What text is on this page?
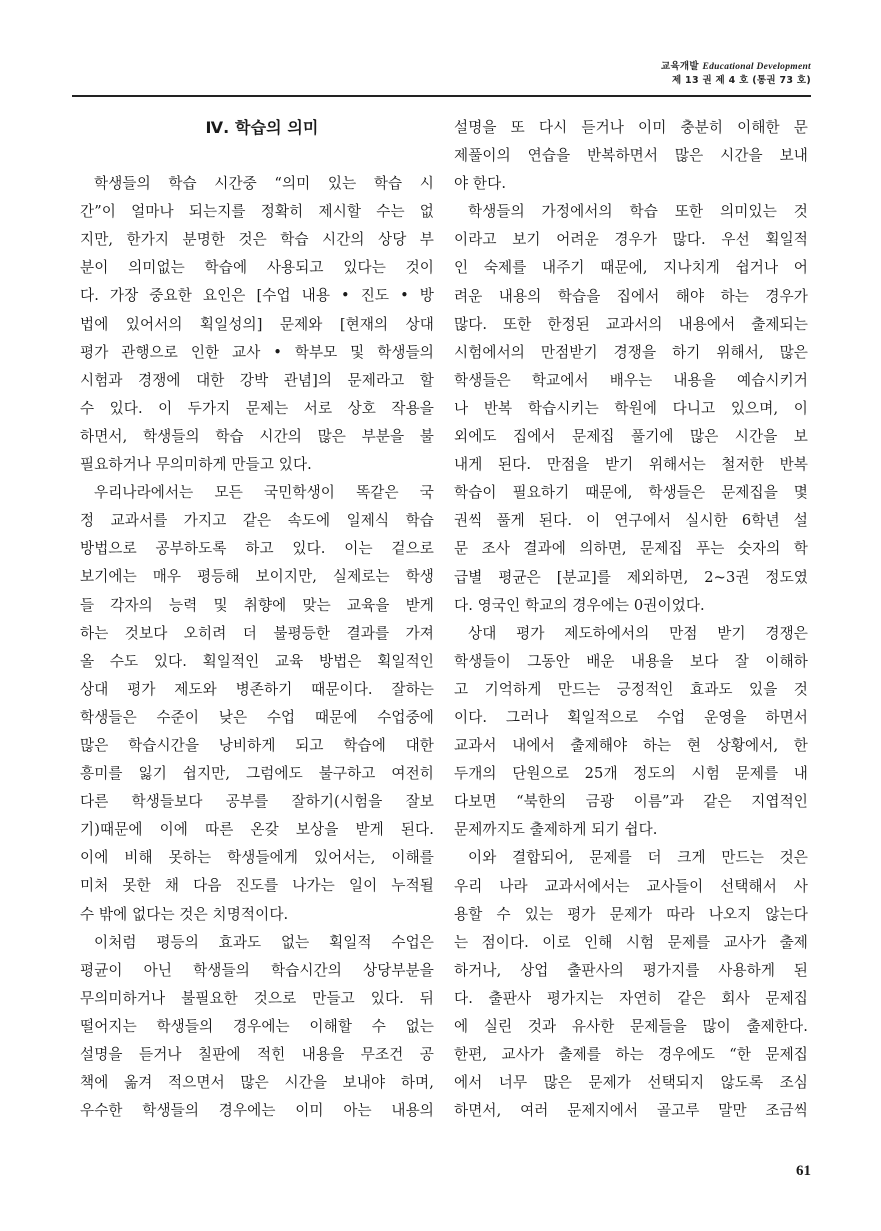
교육개발 Educational Development
제 13 권 제 4 호 (통권 73 호)
Ⅳ. 학습의 의미
학생들의 학습 시간중 “의미 있는 학습 시
간”이 얼마나 되는지를 정확히 제시할 수는 없
지만, 한가지 분명한 것은 학습 시간의 상당 부
분이 의미없는 학습에 사용되고 있다는 것이
다. 가장 중요한 요인은 [수업 내용 • 진도 • 방
법에 있어서의 획일성의] 문제와 [현재의 상대
평가 관행으로 인한 교사 • 학부모 및 학생들의
시험과 경쟁에 대한 강박 관념]의 문제라고 할
수 있다. 이 두가지 문제는 서로 상호 작용을
하면서, 학생들의 학습 시간의 많은 부분을 불
필요하거나 무의미하게 만들고 있다.
우리나라에서는 모든 국민학생이 똑같은 국
정 교과서를 가지고 같은 속도에 일제식 학습
방법으로 공부하도록 하고 있다. 이는 겉으로
보기에는 매우 평등해 보이지만, 실제로는 학생
들 각자의 능력 및 취향에 맞는 교육을 받게
하는 것보다 오히려 더 불평등한 결과를 가져
올 수도 있다. 획일적인 교육 방법은 획일적인
상대 평가 제도와 병존하기 때문이다. 잘하는
학생들은 수준이 낮은 수업 때문에 수업중에
많은 학습시간을 낭비하게 되고 학습에 대한
흥미를 잃기 쉽지만, 그럼에도 불구하고 여전히
다른 학생들보다 공부를 잘하기(시험을 잘보
기)때문에 이에 따른 온갖 보상을 받게 된다.
이에 비해 못하는 학생들에게 있어서는, 이해를
미처 못한 채 다음 진도를 나가는 일이 누적될
수 밖에 없다는 것은 치명적이다.
이처럼 평등의 효과도 없는 획일적 수업은
평균이 아닌 학생들의 학습시간의 상당부분을
무의미하거나 불필요한 것으로 만들고 있다. 뒤
떨어지는 학생들의 경우에는 이해할 수 없는
설명을 듣거나 칠판에 적힌 내용을 무조건 공
책에 옮겨 적으면서 많은 시간을 보내야 하며,
우수한 학생들의 경우에는 이미 아는 내용의
설명을 또 다시 듣거나 이미 충분히 이해한 문
제풀이의 연습을 반복하면서 많은 시간을 보내
야 한다.
학생들의 가정에서의 학습 또한 의미있는 것
이라고 보기 어려운 경우가 많다. 우선 획일적
인 숙제를 내주기 때문에, 지나치게 쉽거나 어
려운 내용의 학습을 집에서 해야 하는 경우가
많다. 또한 한정된 교과서의 내용에서 출제되는
시험에서의 만점받기 경쟁을 하기 위해서, 많은
학생들은 학교에서 배우는 내용을 예습시키거
나 반복 학습시키는 학원에 다니고 있으며, 이
외에도 집에서 문제집 풀기에 많은 시간을 보
내게 된다. 만점을 받기 위해서는 철저한 반복
학습이 필요하기 때문에, 학생들은 문제집을 몇
권씩 풀게 된다. 이 연구에서 실시한 6학년 설
문 조사 결과에 의하면, 문제집 푸는 숫자의 학
급별 평균은 [분교]를 제외하면, 2~3권 정도였
다. 영국인 학교의 경우에는 0권이었다.
상대 평가 제도하에서의 만점 받기 경쟁은
학생들이 그동안 배운 내용을 보다 잘 이해하
고 기억하게 만드는 긍정적인 효과도 있을 것
이다. 그러나 획일적으로 수업 운영을 하면서
교과서 내에서 출제해야 하는 현 상황에서, 한
두개의 단원으로 25개 정도의 시험 문제를 내
다보면 “북한의 금광 이름”과 같은 지엽적인
문제까지도 출제하게 되기 쉽다.
이와 결합되어, 문제를 더 크게 만드는 것은
우리 나라 교과서에서는 교사들이 선택해서 사
용할 수 있는 평가 문제가 따라 나오지 않는다
는 점이다. 이로 인해 시험 문제를 교사가 출제
하거나, 상업 출판사의 평가지를 사용하게 된
다. 출판사 평가지는 자연히 같은 회사 문제집
에 실린 것과 유사한 문제들을 많이 출제한다.
한편, 교사가 출제를 하는 경우에도 “한 문제집
에서 너무 많은 문제가 선택되지 않도록 조심
하면서, 여러 문제지에서 골고루 말만 조금씩
61
